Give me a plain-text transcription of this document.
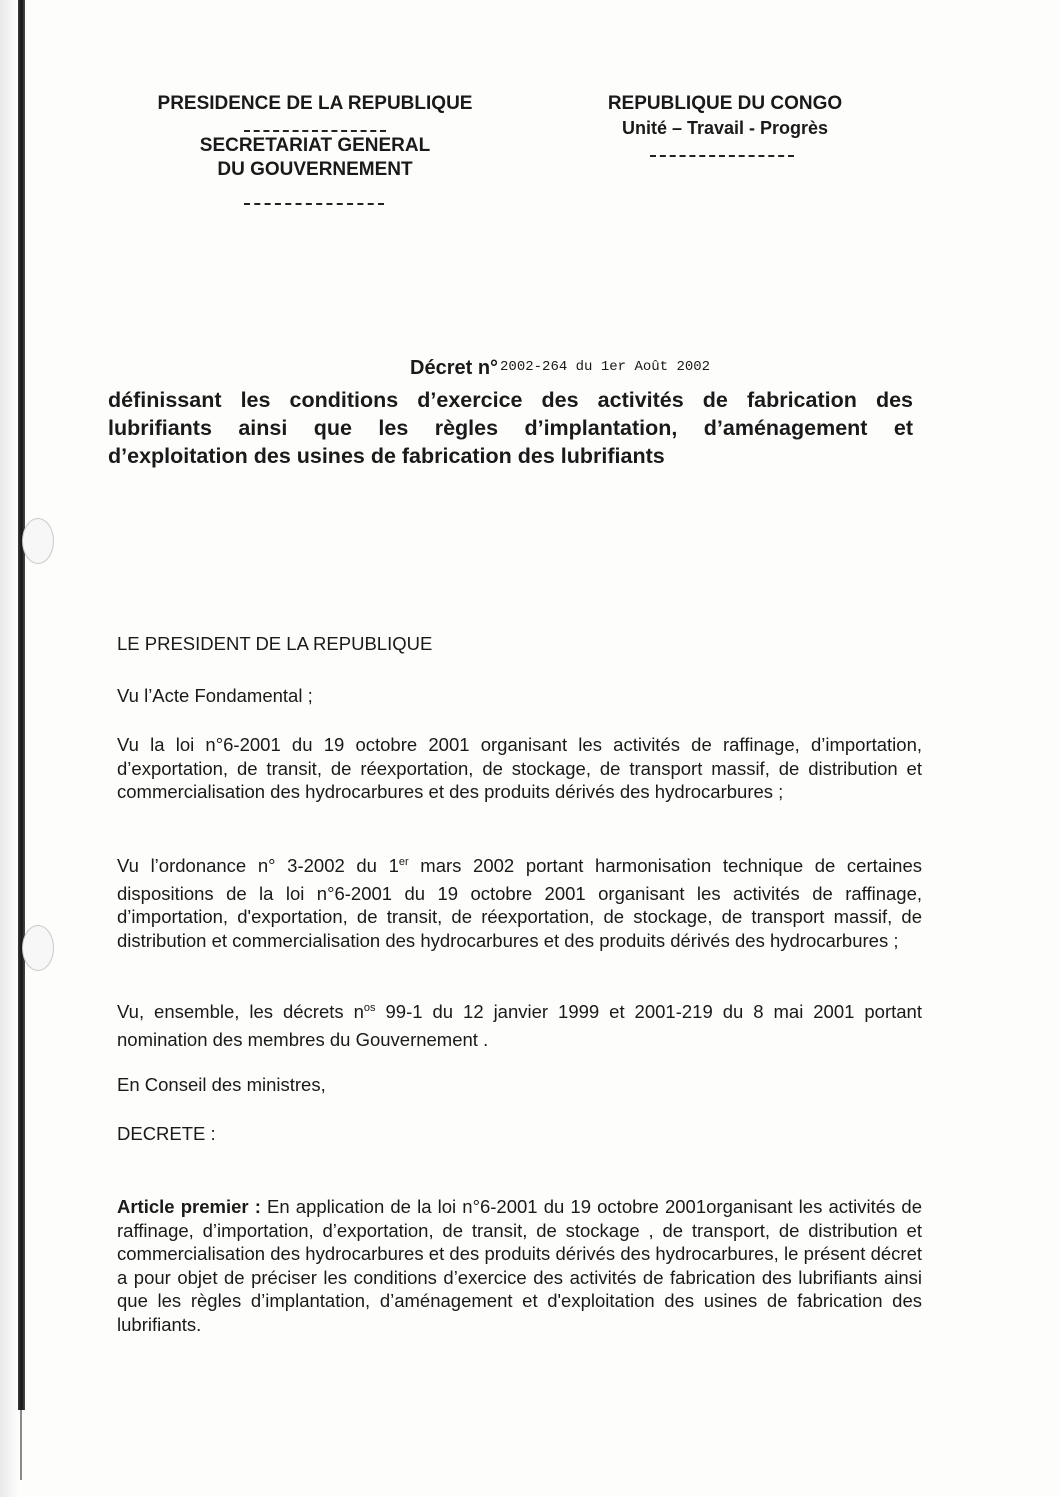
PRESIDENCE DE LA REPUBLIQUE
SECRETARIAT GENERAL
DU GOUVERNEMENT
REPUBLIQUE DU CONGO
Unité – Travail - Progrès
Décret n° 2002-264 du 1er Août 2002
définissant les conditions d’exercice des activités de fabrication des lubrifiants ainsi que les règles d’implantation, d’aménagement et d’exploitation des usines de fabrication des lubrifiants
LE PRESIDENT DE LA REPUBLIQUE
Vu l’Acte Fondamental ;
Vu la loi n°6-2001 du 19 octobre 2001 organisant les activités de raffinage, d’importation, d’exportation, de transit, de réexportation, de stockage, de transport massif, de distribution et commercialisation des hydrocarbures et des produits dérivés des hydrocarbures ;
Vu l’ordonance n° 3-2002 du 1er mars 2002 portant harmonisation technique de certaines dispositions de la loi n°6-2001 du 19 octobre 2001 organisant les activités de raffinage, d’importation, d'exportation, de transit, de réexportation, de stockage, de transport massif, de distribution et commercialisation des hydrocarbures et des produits dérivés des hydrocarbures ;
Vu, ensemble, les décrets $n^{os}$ 99-1 du 12 janvier 1999 et 2001-219 du 8 mai 2001 portant nomination des membres du Gouvernement .
En Conseil des ministres,
DECRETE :
Article premier : En application de la loi n°6-2001 du 19 octobre 2001organisant les activités de raffinage, d’importation, d’exportation, de transit, de stockage , de transport, de distribution et commercialisation des hydrocarbures et des produits dérivés des hydrocarbures, le présent décret a pour objet de préciser les conditions d’exercice des activités de fabrication des lubrifiants ainsi que les règles d’implantation, d’aménagement et d'exploitation des usines de fabrication des lubrifiants.
